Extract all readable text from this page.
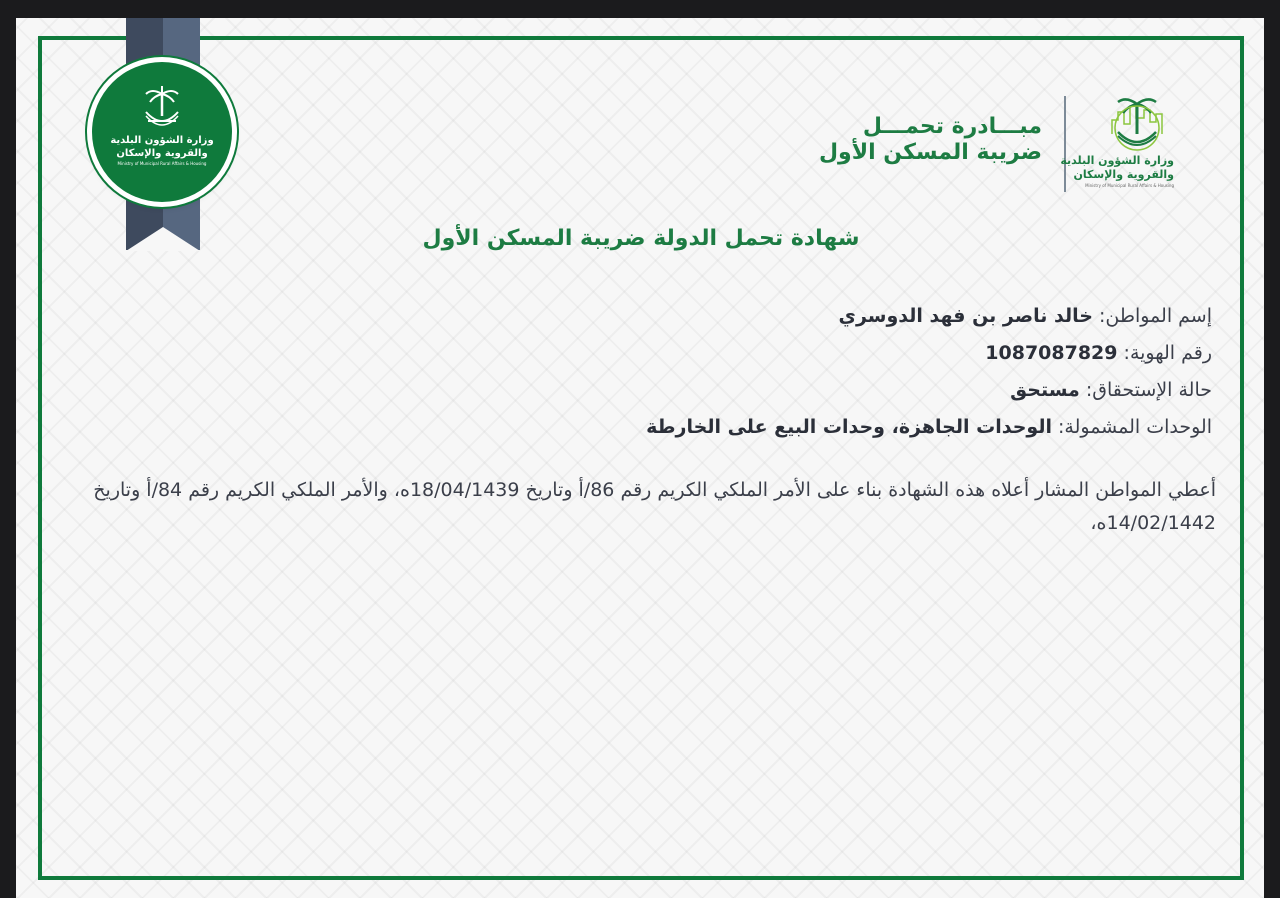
وزارة الشؤون البلدية
والقروية والإسكان
Ministry of Municipal Rural Affairs & Housing
مبـــادرة تحمـــل
ضريبة المسكن الأول وزارة الشؤون البلدية
والقروية والإسكان
Ministry of Municipal Rural Affairs & Housing
شهادة تحمل الدولة ضريبة المسكن الأول
إسم المواطن: خالد ناصر بن فهد الدوسري
رقم الهوية: 1087087829
حالة الإستحقاق: مستحق
الوحدات المشمولة: الوحدات الجاهزة، وحدات البيع على الخارطة
أعطي المواطن المشار أعلاه هذه الشهادة بناء على الأمر الملكي الكريم رقم 86/أ وتاريخ 18/04/1439ه، والأمر الملكي الكريم رقم 84/أ وتاريخ 14/02/1442ه،
